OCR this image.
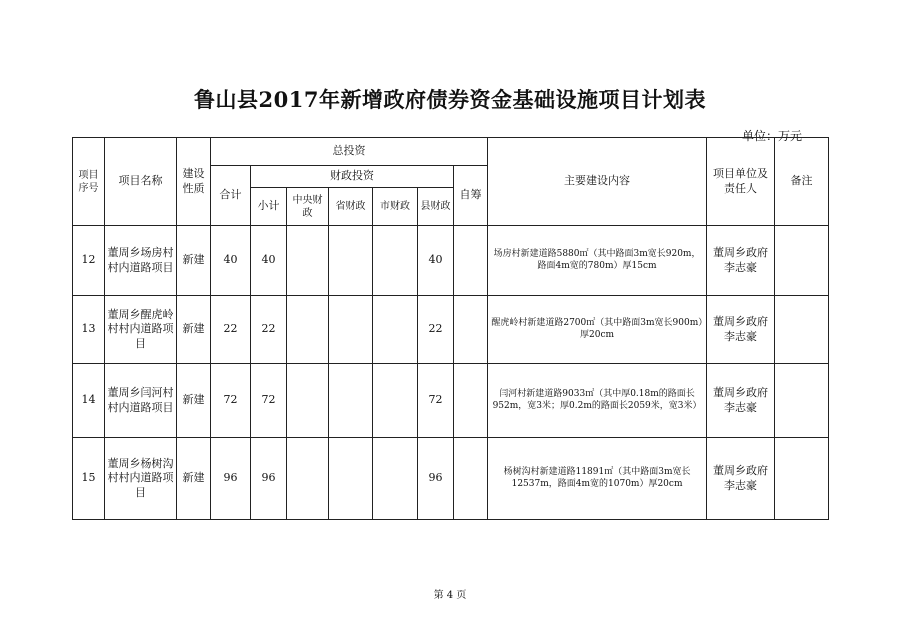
鲁山县2017年新增政府债券资金基础设施项目计划表
单位：万元
项目序号	项目名称	建设性质	总投资							主要建设内容	项目单位及责任人	备注
			合计	财政投资					自筹			
				小计	中央财政	省财政	市财政	县财政				
12	董周乡场房村村内道路项目	新建	40	40				40		场房村新建道路5880㎡（其中路面3m宽长920m，路面4m宽的780m）厚15cm	董周乡政府
李志豪	

13	董周乡醒虎岭村村内道路项目	新建	22	22				22		醒虎岭村新建道路2700㎡（其中路面3m宽长900m）厚20cm	董周乡政府
李志豪	

14	董周乡闫河村村内道路项目	新建	72	72				72		闫河村新建道路9033㎡（其中厚0.18m的路面长952m，宽3米；厚0.2m的路面长2059米，宽3米）	董周乡政府
李志豪	

15	董周乡杨树沟村村内道路项目	新建	96	96				96		杨树沟村新建道路11891㎡（其中路面3m宽长12537m，路面4m宽的1070m）厚20cm	董周乡政府
李志豪	

第 4 页
